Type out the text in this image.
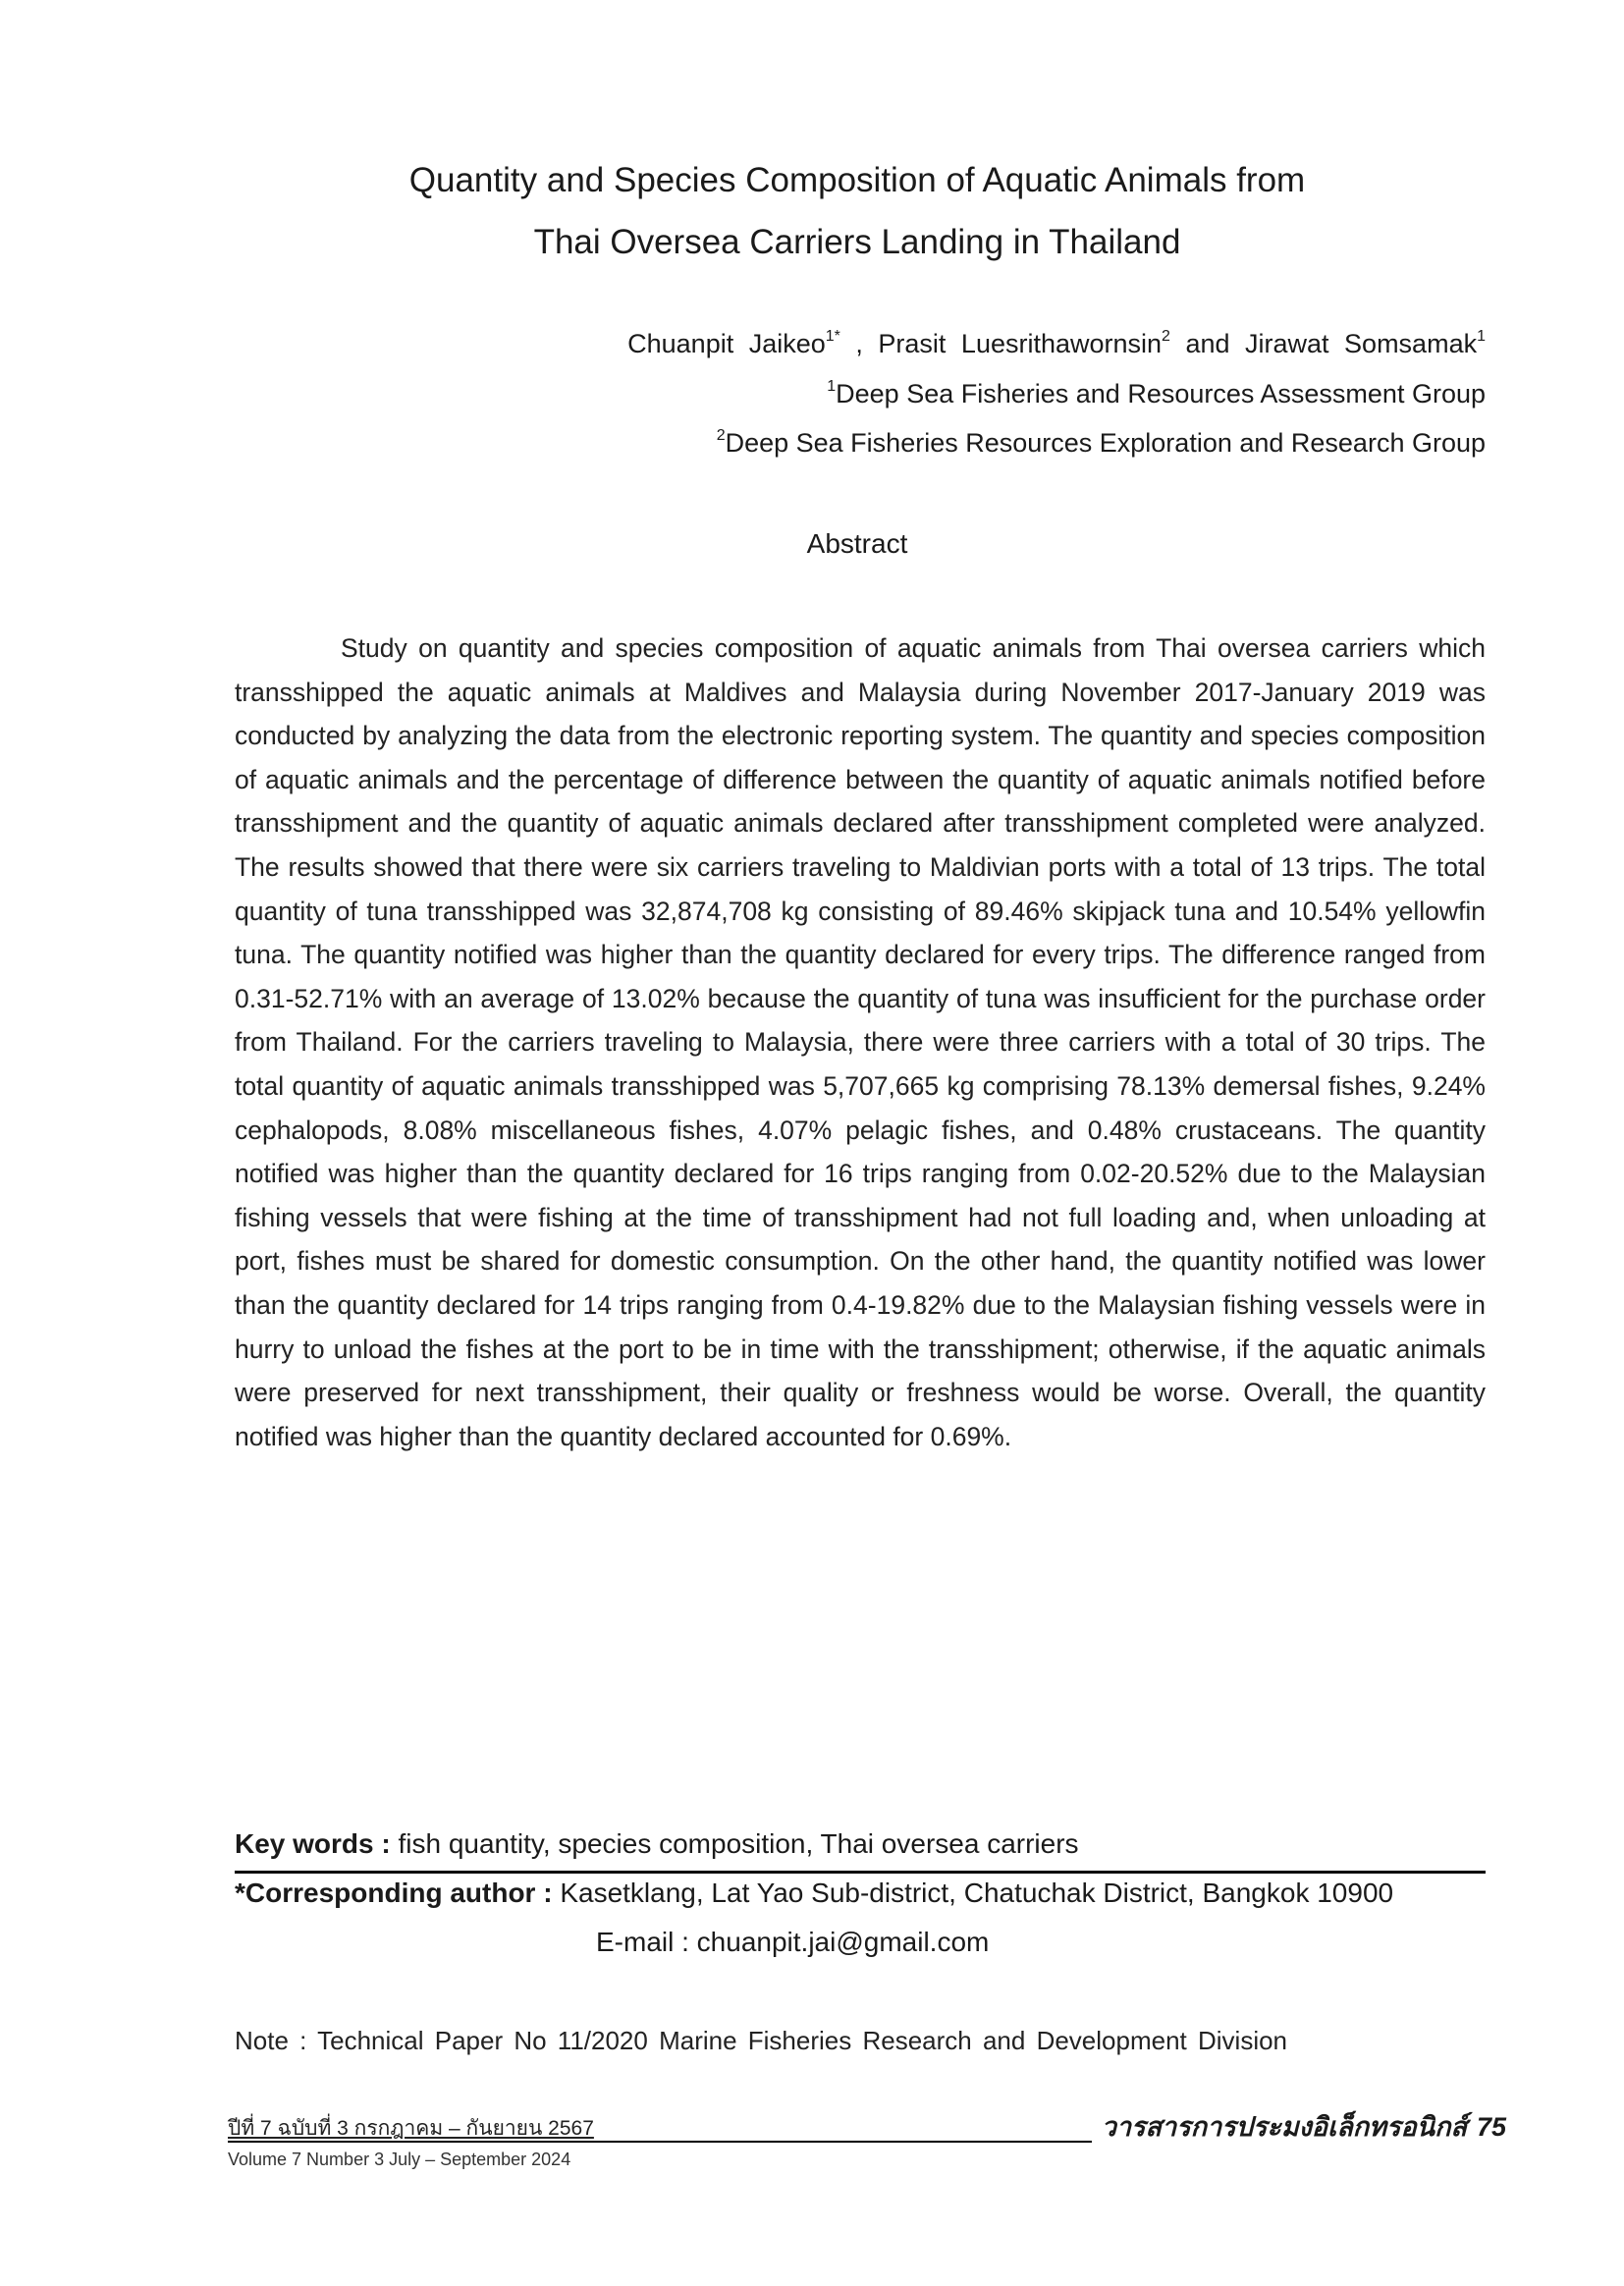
Quantity and Species Composition of Aquatic Animals from
Thai Oversea Carriers Landing in Thailand
Chuanpit Jaikeo$^{1*}$ , Prasit Luesrithawornsin$^2$ and Jirawat Somsamak$^1$
$^1$Deep Sea Fisheries and Resources Assessment Group
$^2$Deep Sea Fisheries Resources Exploration and Research Group
Abstract

Study on quantity and species composition of aquatic animals from Thai oversea carriers which transshipped the aquatic animals at Maldives and Malaysia during November 2017-January 2019 was conducted by analyzing the data from the electronic reporting system. The quantity and species composition of aquatic animals and the percentage of difference between the quantity of aquatic animals notified before transshipment and the quantity of aquatic animals declared after transshipment completed were analyzed. The results showed that there were six carriers traveling to Maldivian ports with a total of 13 trips. The total quantity of tuna transshipped was 32,874,708 kg consisting of 89.46% skipjack tuna and 10.54% yellowfin tuna. The quantity notified was higher than the quantity declared for every trips. The difference ranged from 0.31-52.71% with an average of 13.02% because the quantity of tuna was insufficient for the purchase order from Thailand. For the carriers traveling to Malaysia, there were three carriers with a total of 30 trips. The total quantity of aquatic animals transshipped was 5,707,665 kg comprising 78.13% demersal fishes, 9.24% cephalopods, 8.08% miscellaneous fishes, 4.07% pelagic fishes, and 0.48% crustaceans. The quantity notified was higher than the quantity declared for 16 trips ranging from 0.02-20.52% due to the Malaysian fishing vessels that were fishing at the time of transshipment had not full loading and, when unloading at port, fishes must be shared for domestic consumption. On the other hand, the quantity notified was lower than the quantity declared for 14 trips ranging from 0.4-19.82% due to the Malaysian fishing vessels were in hurry to unload the fishes at the port to be in time with the transshipment; otherwise, if the aquatic animals were preserved for next transshipment, their quality or freshness would be worse. Overall, the quantity notified was higher than the quantity declared accounted for 0.69%.

Key words : fish quantity, species composition, Thai oversea carriers
*Corresponding author : Kasetklang, Lat Yao Sub-district, Chatuchak District, Bangkok 10900
E-mail : chuanpit.jai@gmail.com
Note : Technical Paper No 11/2020 Marine Fisheries Research and Development Division
ปีที่ 7 ฉบับที่ 3 กรกฎาคม – กันยายน 2567
Volume 7 Number 3 July – September 2024
วารสารการประมงอิเล็กทรอนิกส์ 75
